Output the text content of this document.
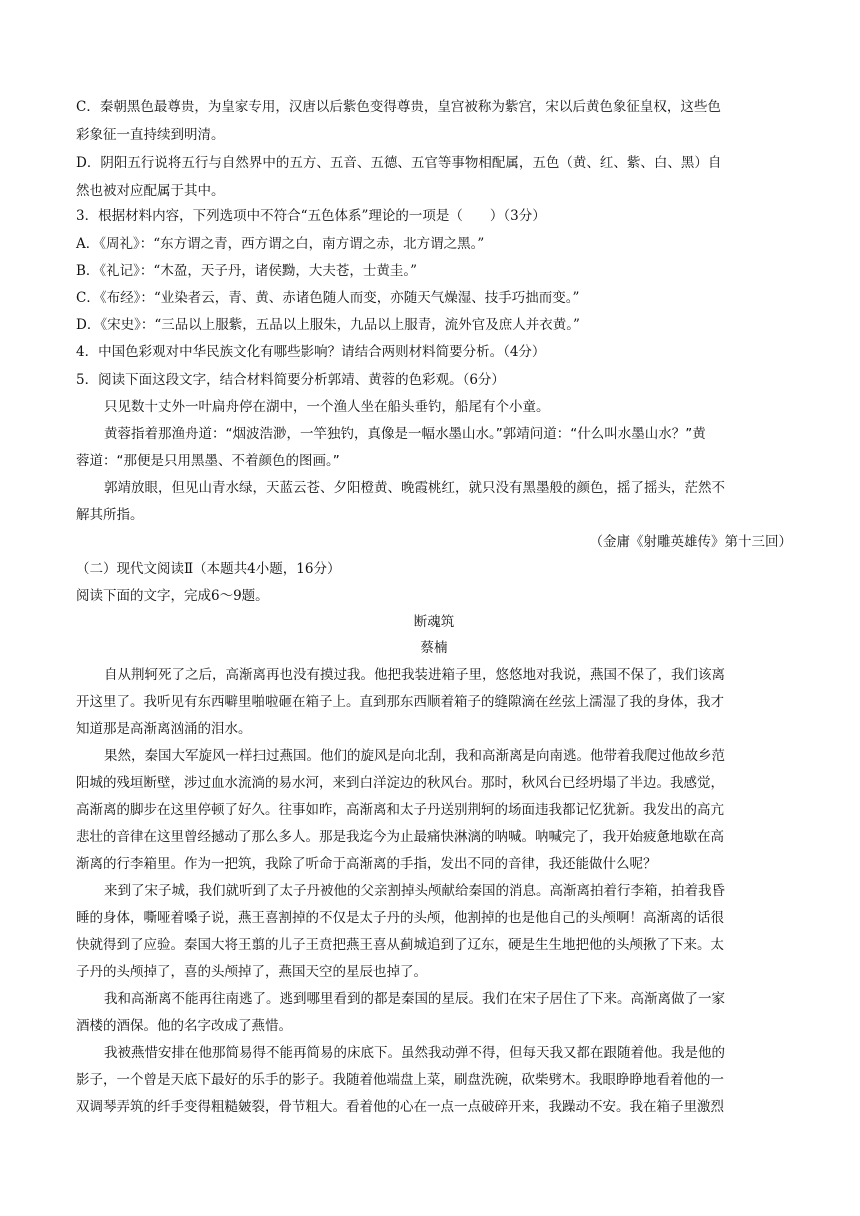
C．秦朝黑色最尊贵，为皇家专用，汉唐以后紫色变得尊贵，皇宫被称为紫宫，宋以后黄色象征皇权，这些色
彩象征一直持续到明清。
D．阴阳五行说将五行与自然界中的五方、五音、五德、五官等事物相配属，五色（黄、红、紫、白、黑）自
然也被对应配属于其中。
3．根据材料内容，下列选项中不符合“五色体系”理论的一项是（　　）（3分）
A．《周礼》：“东方谓之青，西方谓之白，南方谓之赤，北方谓之黑。”
B．《礼记》：“木盈，天子丹，诸侯黝，大夫苍，士黄圭。”
C．《布经》：“业染者云，青、黄、赤诸色随人而变，亦随天气燥湿、技手巧拙而变。”
D．《宋史》：“三品以上服紫，五品以上服朱，九品以上服青，流外官及庶人并衣黄。”
4．中国色彩观对中华民族文化有哪些影响？请结合两则材料简要分析。（4分）
5．阅读下面这段文字，结合材料简要分析郭靖、黄蓉的色彩观。（6分）
只见数十丈外一叶扁舟停在湖中，一个渔人坐在船头垂钓，船尾有个小童。
黄蓉指着那渔舟道：“烟波浩渺，一竿独钓，真像是一幅水墨山水。”郭靖问道：“什么叫水墨山水？”黄
蓉道：“那便是只用黑墨、不着颜色的图画。”
郭靖放眼，但见山青水绿，天蓝云苍、夕阳橙黄、晚霞桃红，就只没有黑墨般的颜色，摇了摇头，茫然不
解其所指。
（金庸《射雕英雄传》第十三回）
（二）现代文阅读Ⅱ（本题共4小题，16分）
阅读下面的文字，完成6～9题。
断魂筑
蔡楠
自从荆轲死了之后，高渐离再也没有摸过我。他把我装进箱子里，悠悠地对我说，燕国不保了，我们该离
开这里了。我听见有东西噼里啪啦砸在箱子上。直到那东西顺着箱子的缝隙滴在丝弦上濡湿了我的身体，我才
知道那是高渐离汹涌的泪水。
果然，秦国大军旋风一样扫过燕国。他们的旋风是向北刮，我和高渐离是向南逃。他带着我爬过他故乡范
阳城的残垣断壁，涉过血水流淌的易水河，来到白洋淀边的秋风台。那时，秋风台已经坍塌了半边。我感觉，
高渐离的脚步在这里停顿了好久。往事如昨，高渐离和太子丹送别荆轲的场面违我都记忆犹新。我发出的高亢
悲壮的音律在这里曾经撼动了那么多人。那是我迄今为止最痛快淋漓的呐喊。呐喊完了，我开始疲惫地歇在高
渐离的行李箱里。作为一把筑，我除了听命于高渐离的手指，发出不同的音律，我还能做什么呢？
来到了宋子城，我们就听到了太子丹被他的父亲割掉头颅献给秦国的消息。高渐离拍着行李箱，拍着我昏
睡的身体，嘶哑着嗓子说，燕王喜割掉的不仅是太子丹的头颅，他割掉的也是他自己的头颅啊！高渐离的话很
快就得到了应验。秦国大将王翦的儿子王贲把燕王喜从蓟城追到了辽东，硬是生生地把他的头颅揪了下来。太
子丹的头颅掉了，喜的头颅掉了，燕国天空的星辰也掉了。
我和高渐离不能再往南逃了。逃到哪里看到的都是秦国的星辰。我们在宋子居住了下来。高渐离做了一家
酒楼的酒保。他的名字改成了燕惜。
我被燕惜安排在他那简易得不能再简易的床底下。虽然我动弹不得，但每天我又都在跟随着他。我是他的
影子，一个曾是天底下最好的乐手的影子。我随着他端盘上菜，刷盘洗碗，砍柴劈木。我眼睁睁地看着他的一
双调琴弄筑的纤手变得粗糙皴裂，骨节粗大。看着他的心在一点一点破碎开来，我躁动不安。我在箱子里激烈
